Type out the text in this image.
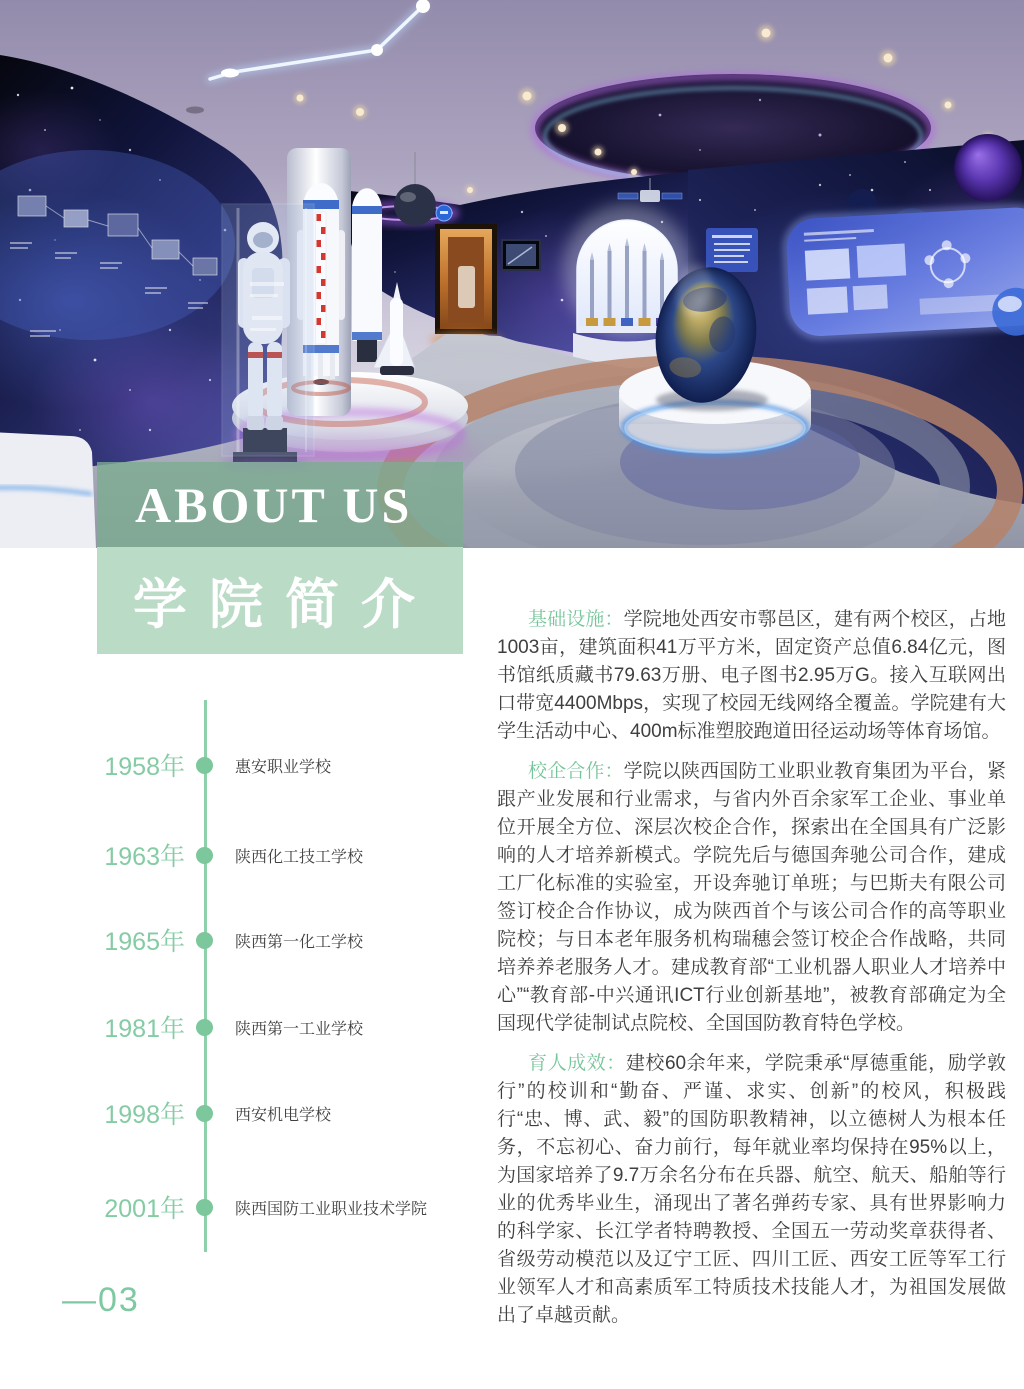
ABOUT US
学院简介
1958年	惠安职业学校
1963年	陕西化工技工学校
1965年	陕西第一化工学校
1981年	陕西第一工业学校
1998年	西安机电学校
2001年	陕西国防工业职业技术学院

基础设施：学院地处西安市鄠邑区，建有两个校区，占地1003亩，建筑面积41万平方米，固定资产总值6.84亿元，图书馆纸质藏书79.63万册、电子图书2.95万G。接入互联网出口带宽4400Mbps，实现了校园无线网络全覆盖。学院建有大学生活动中心、400m标准塑胶跑道田径运动场等体育场馆。

校企合作：学院以陕西国防工业职业教育集团为平台，紧跟产业发展和行业需求，与省内外百余家军工企业、事业单位开展全方位、深层次校企合作，探索出在全国具有广泛影响的人才培养新模式。学院先后与德国奔驰公司合作，建成工厂化标准的实验室，开设奔驰订单班；与巴斯夫有限公司签订校企合作协议，成为陕西首个与该公司合作的高等职业院校；与日本老年服务机构瑞穗会签订校企合作战略，共同培养养老服务人才。建成教育部“工业机器人职业人才培养中心”“教育部-中兴通讯ICT行业创新基地”，被教育部确定为全国现代学徒制试点院校、全国国防教育特色学校。

育人成效：建校60余年来，学院秉承“厚德重能，励学敦行”的校训和“勤奋、严谨、求实、创新”的校风，积极践行“忠、博、武、毅”的国防职教精神，以立德树人为根本任务，不忘初心、奋力前行，每年就业率均保持在95%以上，为国家培养了9.7万余名分布在兵器、航空、航天、船舶等行业的优秀毕业生，涌现出了著名弹药专家、具有世界影响力的科学家、长江学者特聘教授、全国五一劳动奖章获得者、省级劳动模范以及辽宁工匠、四川工匠、西安工匠等军工行业领军人才和高素质军工特质技术技能人才，为祖国发展做出了卓越贡献。

—03
